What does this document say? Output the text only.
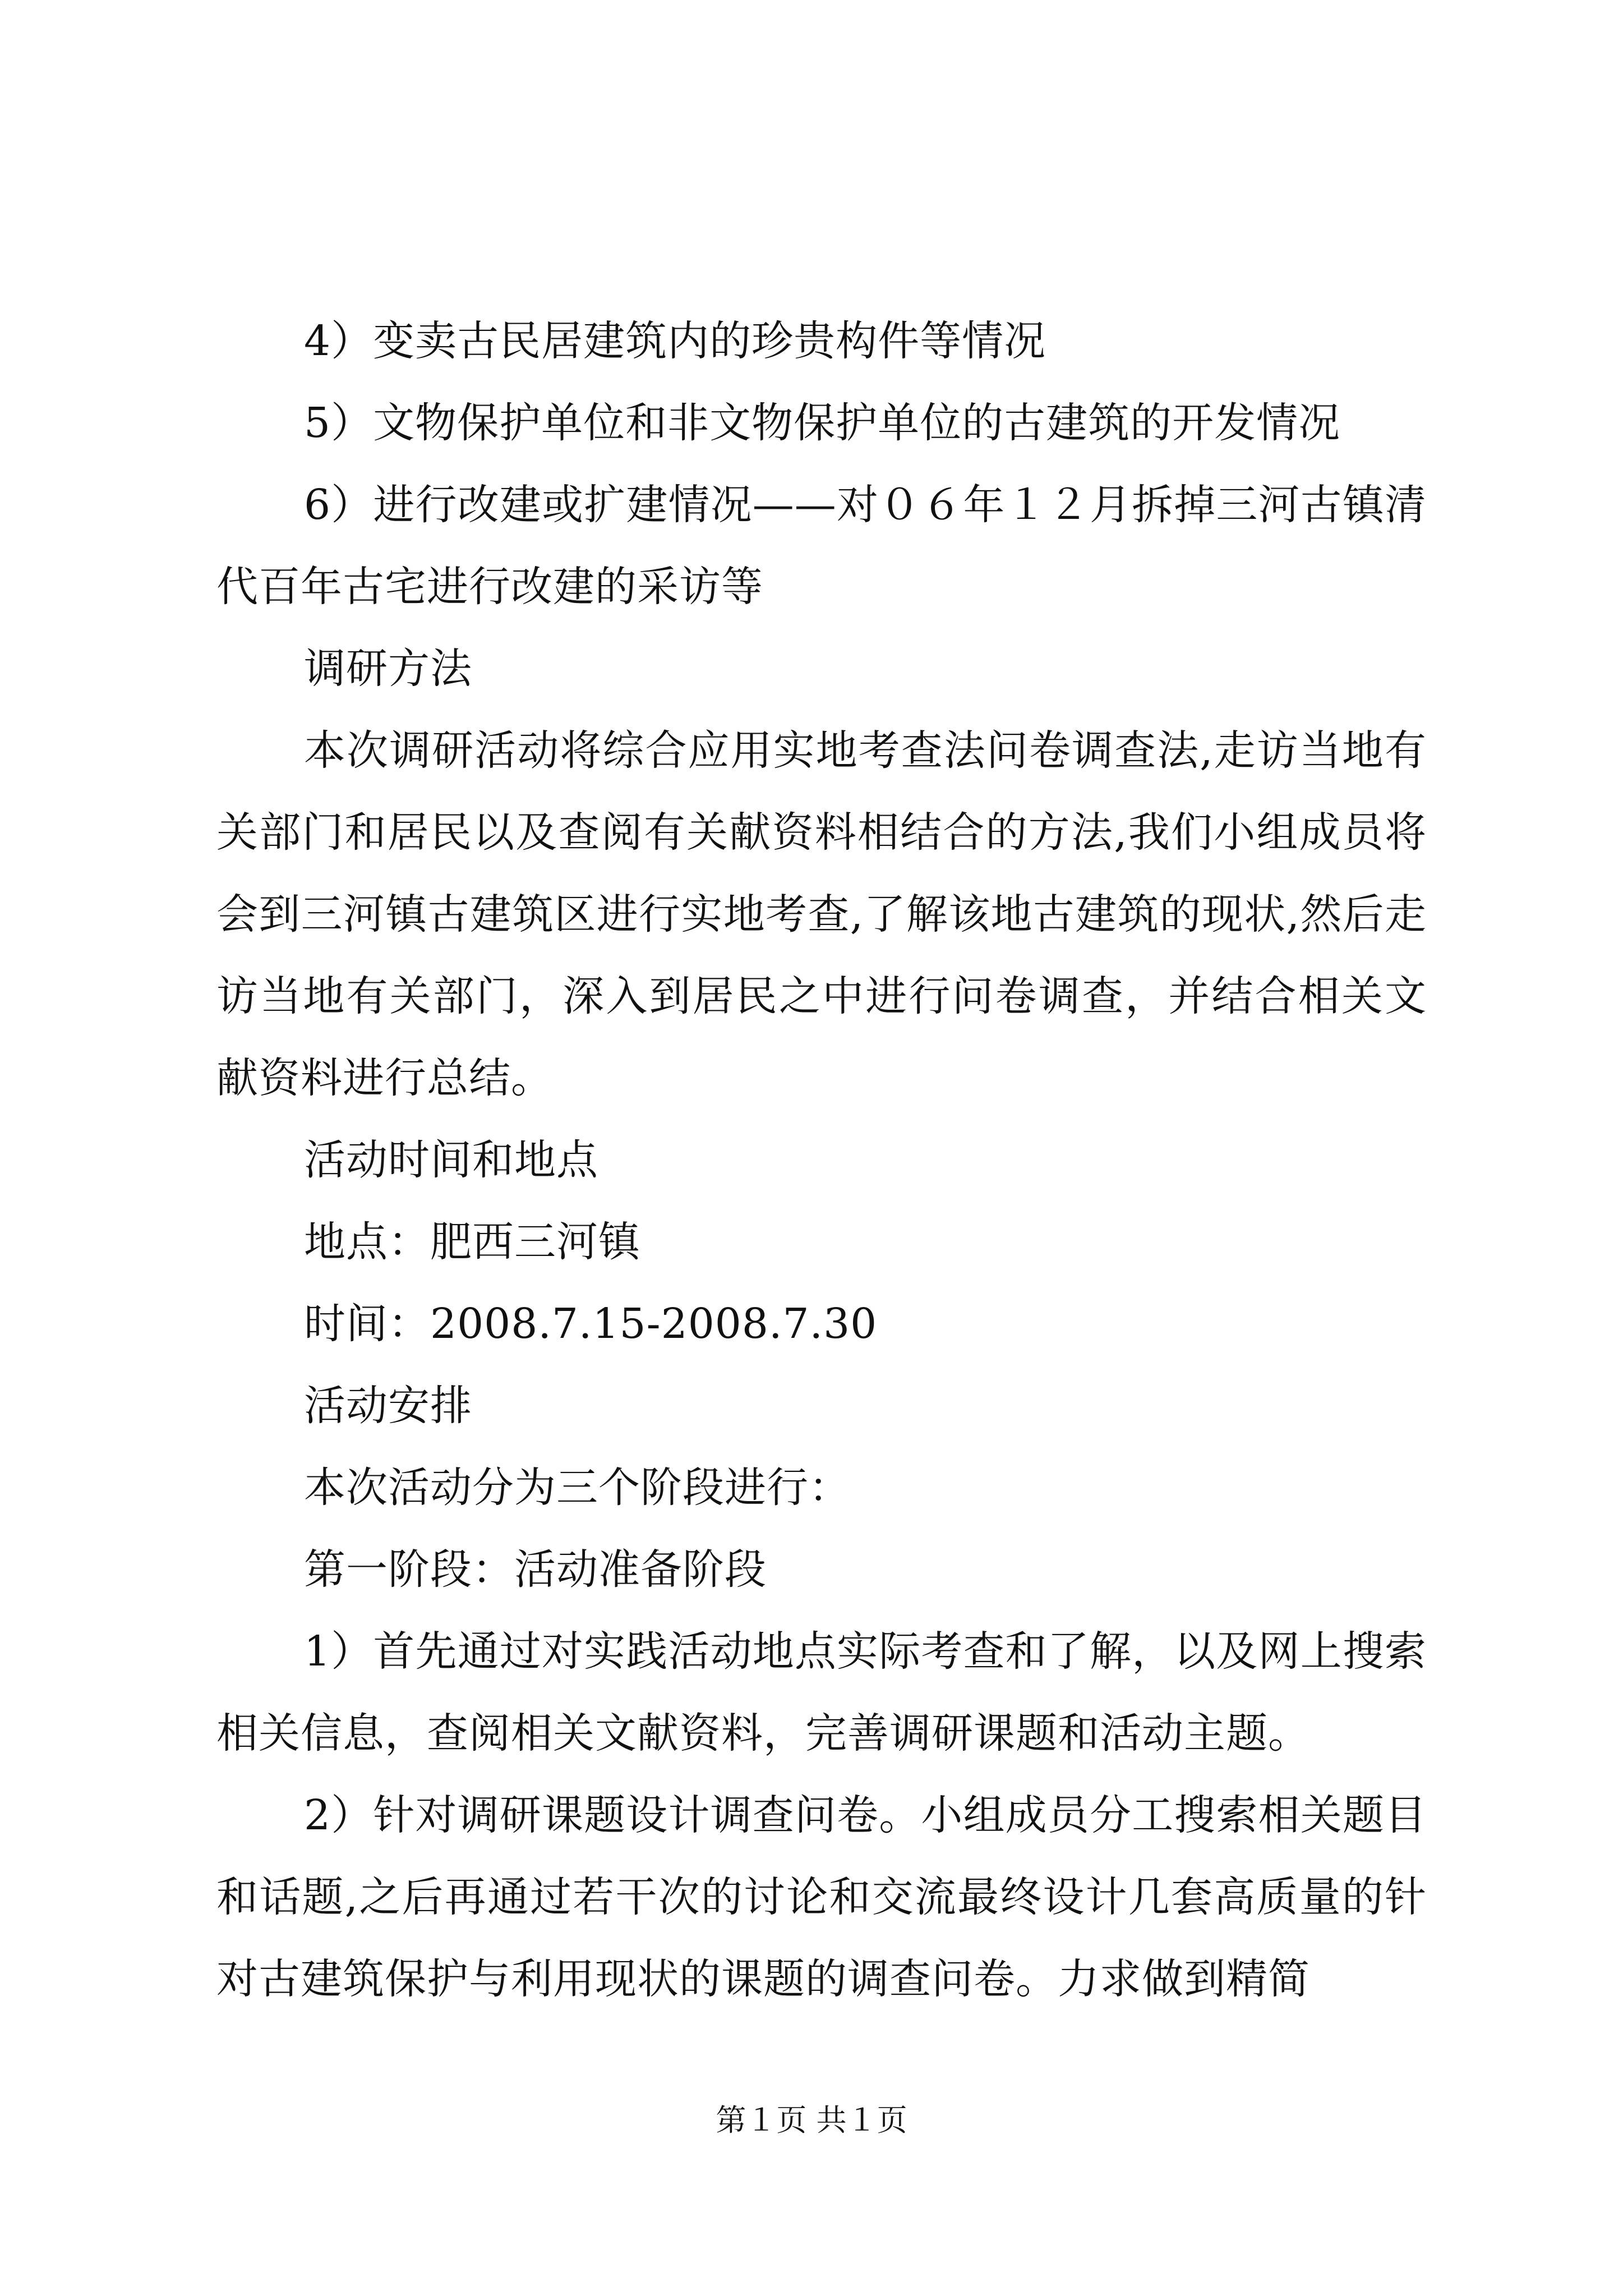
4）变卖古民居建筑内的珍贵构件等情况

5）文物保护单位和非文物保护单位的古建筑的开发情况

6）进行改建或扩建情况——对０６年１２月拆掉三河古镇清代百年古宅进行改建的采访等

调研方法

本次调研活动将综合应用实地考查法问卷调查法,走访当地有关部门和居民以及查阅有关献资料相结合的方法,我们小组成员将会到三河镇古建筑区进行实地考查,了解该地古建筑的现状,然后走访当地有关部门，深入到居民之中进行问卷调查，并结合相关文献资料进行总结。

活动时间和地点

地点：肥西三河镇

时间：2008.7.15-2008.7.30

活动安排

本次活动分为三个阶段进行：

第一阶段：活动准备阶段

1）首先通过对实践活动地点实际考查和了解，以及网上搜索相关信息，查阅相关文献资料，完善调研课题和活动主题。

2）针对调研课题设计调查问卷。小组成员分工搜索相关题目和话题,之后再通过若干次的讨论和交流最终设计几套高质量的针对古建筑保护与利用现状的课题的调查问卷。力求做到精简

第１页 共１页
